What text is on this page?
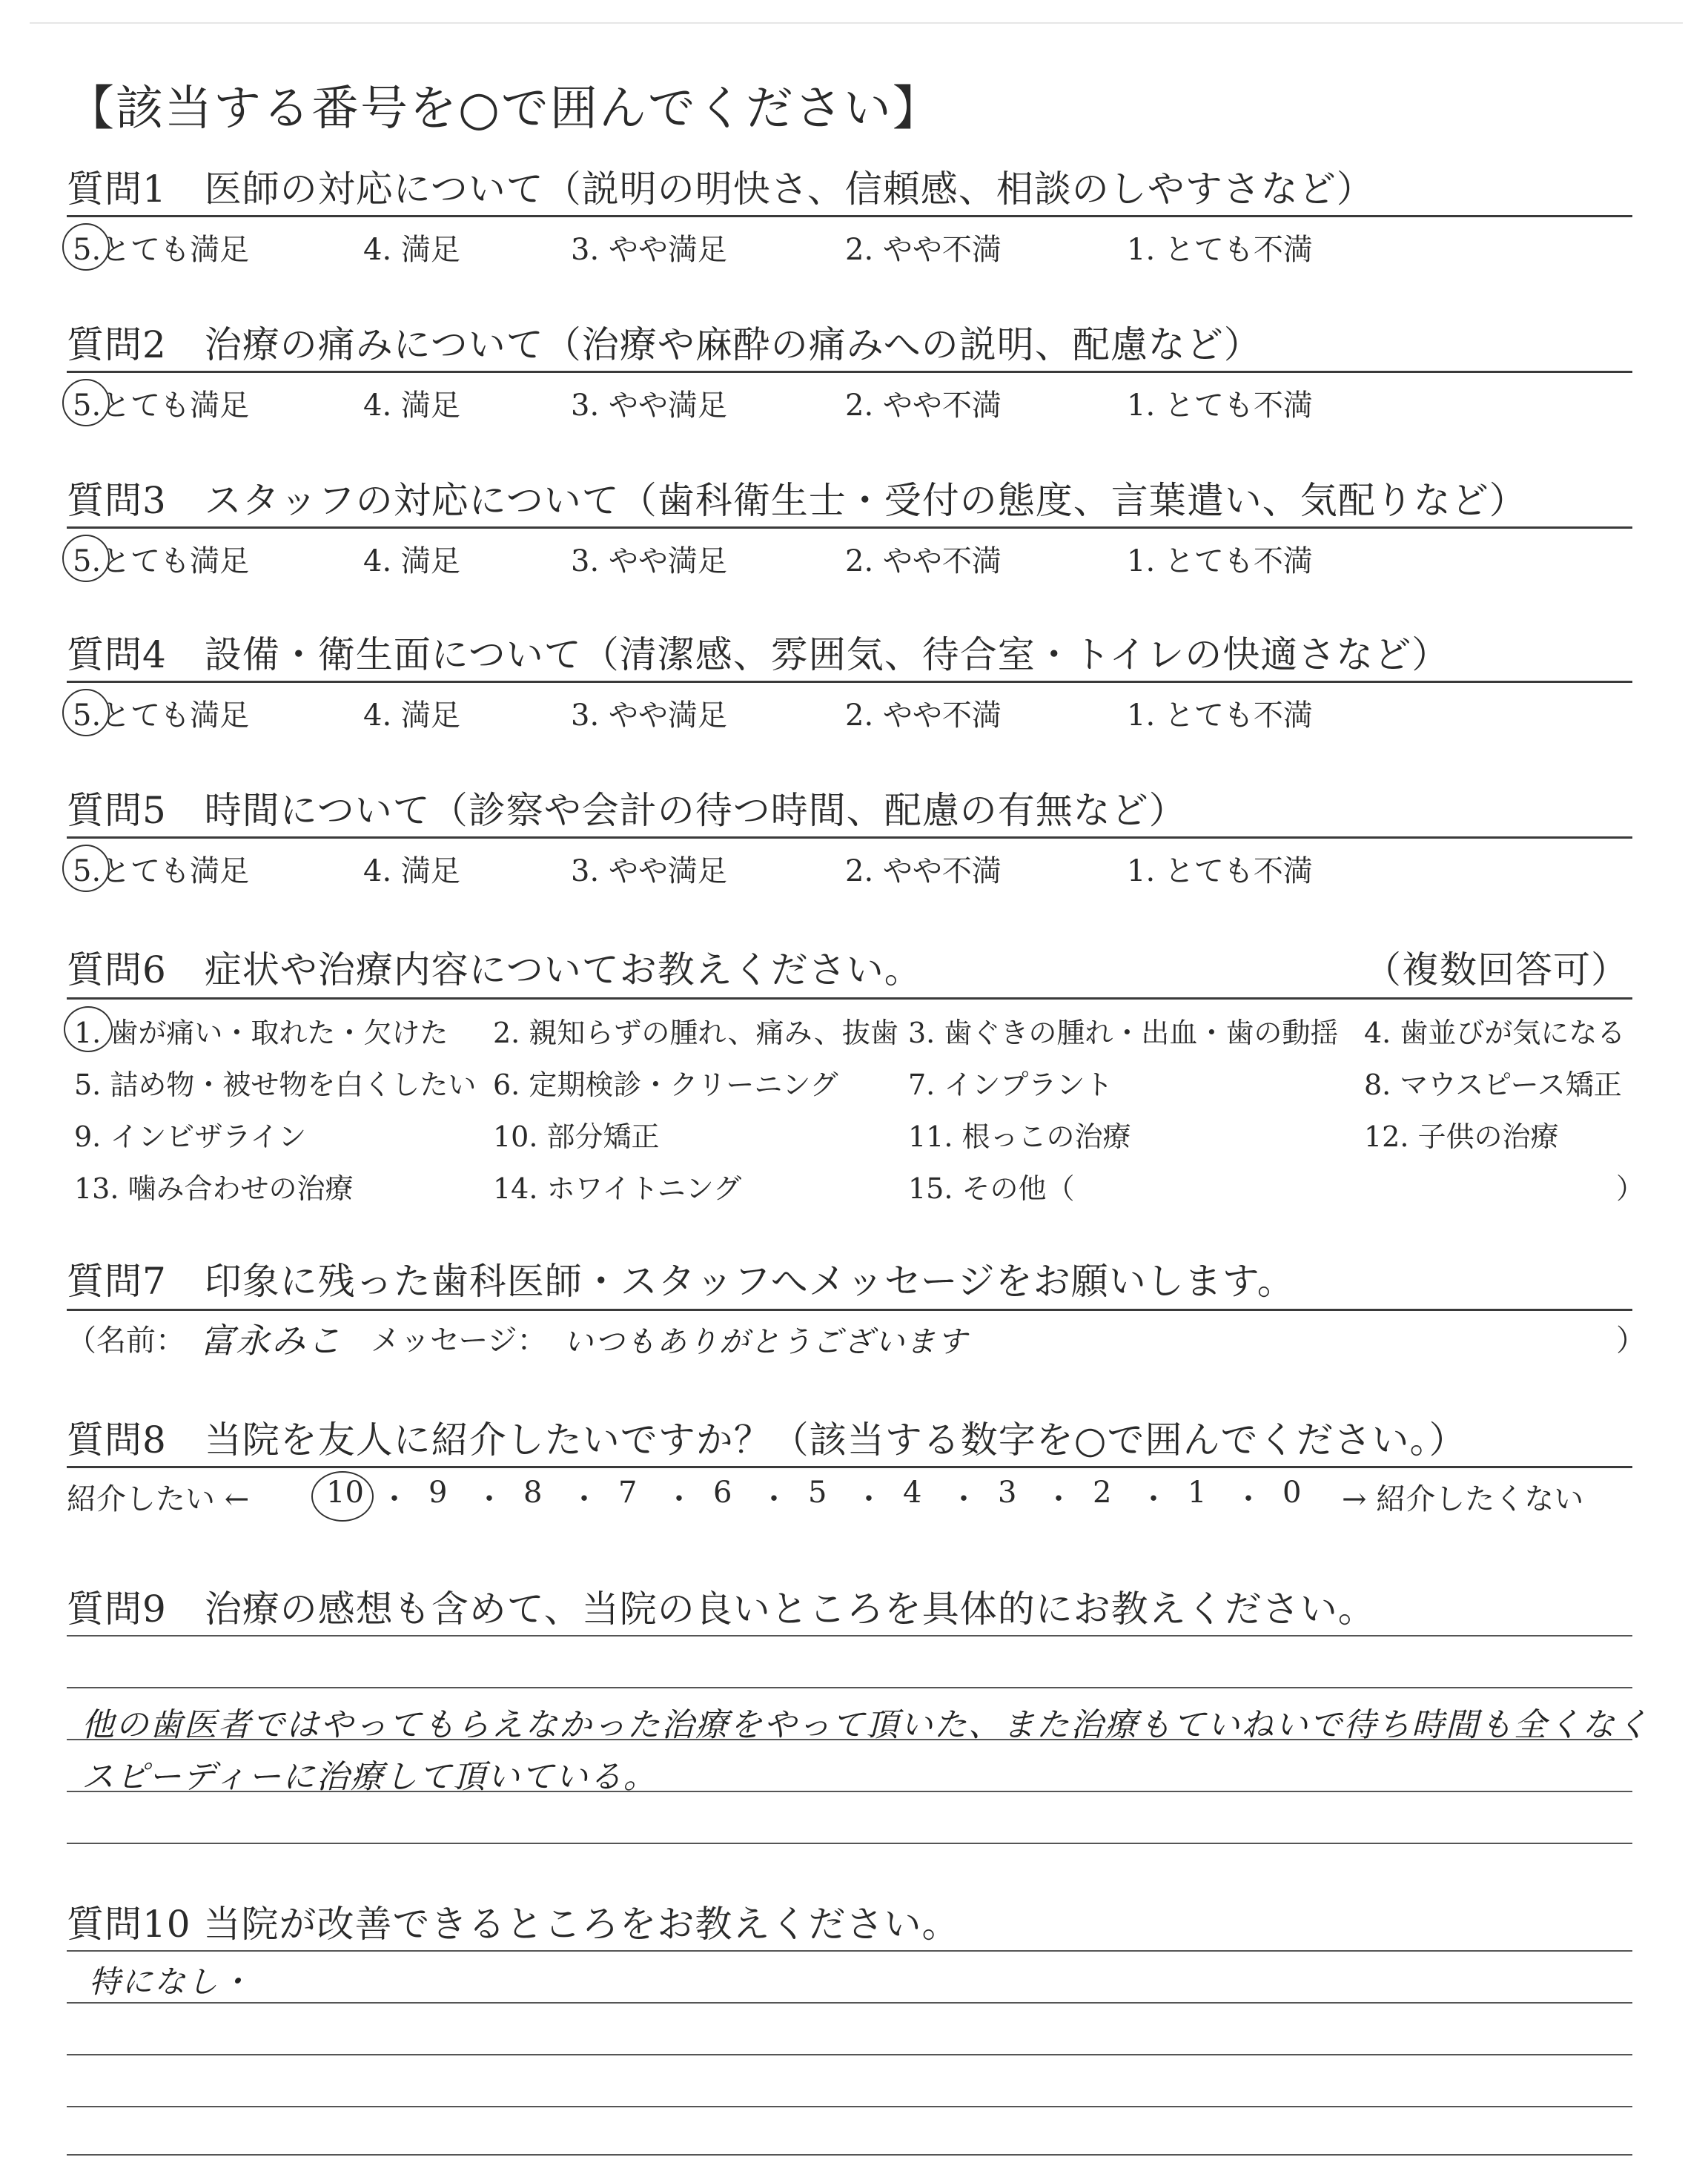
【該当する番号を○で囲んでください】
質問1　医師の対応について（説明の明快さ、信頼感、相談のしやすさなど）
5.とても満足	4. 満足	3. やや満足	2. やや不満	1. とても不満
質問2　治療の痛みについて（治療や麻酔の痛みへの説明、配慮など）
5.とても満足	4. 満足	3. やや満足	2. やや不満	1. とても不満
質問3　スタッフの対応について（歯科衛生士・受付の態度、言葉遣い、気配りなど）
5.とても満足	4. 満足	3. やや満足	2. やや不満	1. とても不満
質問4　設備・衛生面について（清潔感、雰囲気、待合室・トイレの快適さなど）
5.とても満足	4. 満足	3. やや満足	2. やや不満	1. とても不満
質問5　時間について（診察や会計の待つ時間、配慮の有無など）
5.とても満足	4. 満足	3. やや満足	2. やや不満	1. とても不満
質問6　症状や治療内容についてお教えください。	（複数回答可）
1. 歯が痛い・取れた・欠けた 2. 親知らずの腫れ、痛み、抜歯 3. 歯ぐきの腫れ・出血・歯の動揺 4. 歯並びが気になる
5. 詰め物・被せ物を白くしたい 6. 定期検診・クリーニング 7. インプラント	8. マウスピース矯正
9. インビザライン	10. 部分矯正	11. 根っこの治療	12. 子供の治療
13. 噛み合わせの治療	14. ホワイトニング	15. その他（	）
質問7　印象に残った歯科医師・スタッフへメッセージをお願いします。
（名前： 富永みこ メッセージ： いつもありがとうございます	）
質問8　当院を友人に紹介したいですか？（該当する数字を○で囲んでください。）
紹介したい ←	10 ・ 9 ・ 8 ・ 7 ・ 6 ・ 5 ・ 4 ・ 3 ・ 2 ・ 1 ・ 0 → 紹介したくない
質問9　治療の感想も含めて、当院の良いところを具体的にお教えください。
他の歯医者ではやってもらえなかった治療をやって頂いた、また治療もていねいで待ち時間も全くなく
スピーディーに治療して頂いている。
質問10 当院が改善できるところをお教えください。
特になし・
